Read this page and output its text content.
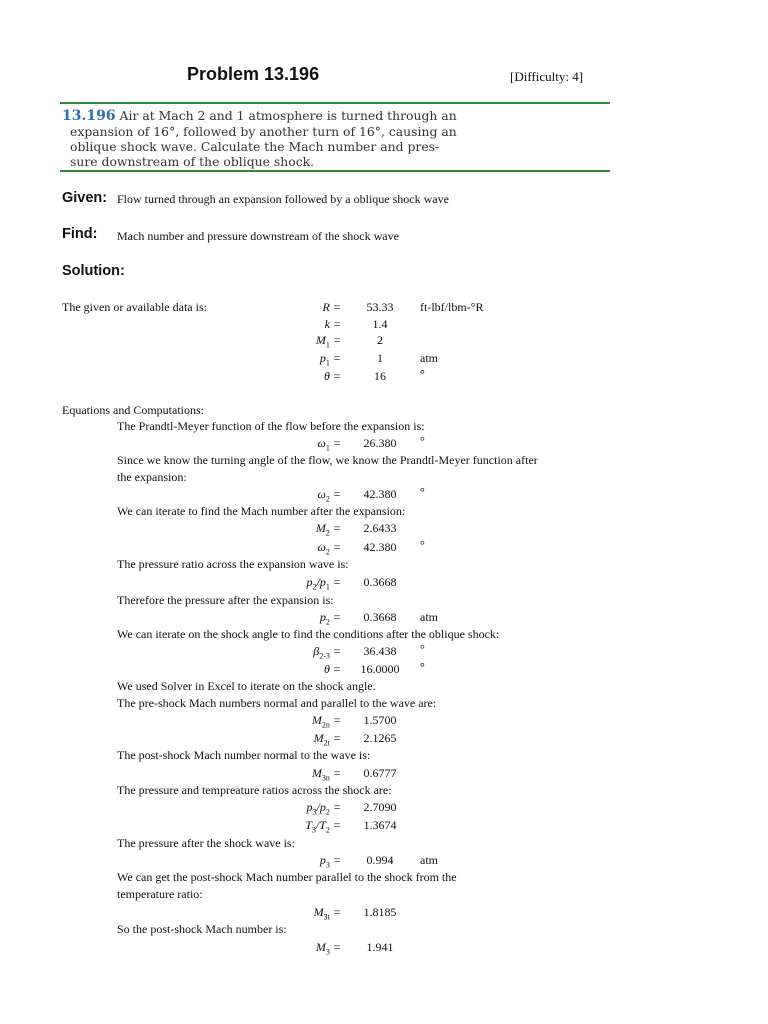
Problem 13.196	[Difficulty: 4]
13.196 Air at Mach 2 and 1 atmosphere is turned through an
expansion of 16°, followed by another turn of 16°, causing an
oblique shock wave. Calculate the Mach number and pres-
sure downstream of the oblique shock.
Given: Flow turned through an expansion followed by a oblique shock wave
Find: Mach number and pressure downstream of the shock wave
Solution:
The given or available data is:	R =	53.33	ft-lbf/lbm-°R
k =	1.4
$M_1$ =	2
$p_1$ =	1	atm
θ =	16	°
Equations and Computations:
The Prandtl-Meyer function of the flow before the expansion is:
$\omega_1$ =	26.380	°
Since we know the turning angle of the flow, we know the Prandtl-Meyer function after
the expansion:
$\omega_2$ =	42.380	°
We can iterate to find the Mach number after the expansion:
$M_2$ =	2.6433
$\omega_2$ =	42.380	°
The pressure ratio across the expansion wave is:
$p_2/p_1$ =	0.3668
Therefore the pressure after the expansion is:
$p_2$ =	0.3668	atm
We can iterate on the shock angle to find the conditions after the oblique shock:
$\beta_{2-3}$ =	36.438	°
θ =	16.0000	°
We used Solver in Excel to iterate on the shock angle.
The pre-shock Mach numbers normal and parallel to the wave are:
$M_{2n}$ =	1.5700
$M_{2t}$ =	2.1265
The post-shock Mach number normal to the wave is:
$M_{3n}$ =	0.6777
The pressure and tempreature ratios across the shock are:
$p_3/p_2$ =	2.7090
$T_3/T_2$ =	1.3674
The pressure after the shock wave is:
$p_3$ =	0.994	atm
We can get the post-shock Mach number parallel to the shock from the
temperature ratio:
$M_{3t}$ =	1.8185
So the post-shock Mach number is:
$M_3$ =	1.941
